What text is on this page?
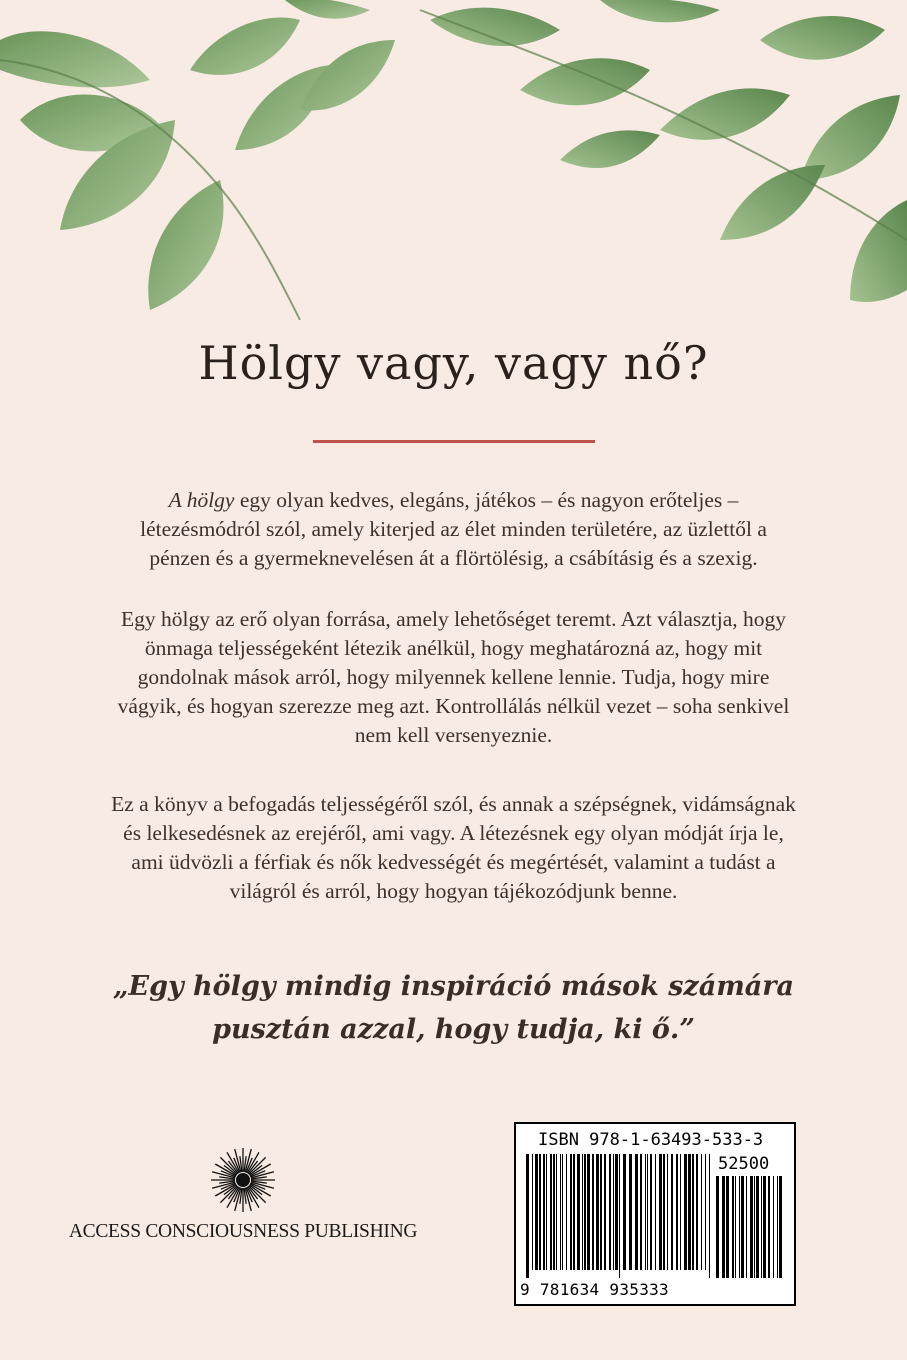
Hölgy vagy, vagy nő?
A hölgy egy olyan kedves, elegáns, játékos – és nagyon erőteljes – létezésmódról szól, amely kiterjed az élet minden területére, az üzlettől a pénzen és a gyermeknevelésen át a flörtölésig, a csábításig és a szexig.
Egy hölgy az erő olyan forrása, amely lehetőséget teremt. Azt választja, hogy önmaga teljességeként létezik anélkül, hogy meghatározná az, hogy mit gondolnak mások arról, hogy milyennek kellene lennie. Tudja, hogy mire vágyik, és hogyan szerezze meg azt. Kontrollálás nélkül vezet – soha senkivel nem kell versenyeznie.
Ez a könyv a befogadás teljességéről szól, és annak a szépségnek, vidámságnak és lelkesedésnek az erejéről, ami vagy. A létezésnek egy olyan módját írja le, ami üdvözli a férfiak és nők kedvességét és megértését, valamint a tudást a világról és arról, hogy hogyan tájékozódjunk benne.
„Egy hölgy mindig inspiráció mások számára
pusztán azzal, hogy tudja, ki ő.”
ACCESS CONSCIOUSNESS PUBLISHING
ISBN 978-1-63493-533-3
52500
9 781634 935333
